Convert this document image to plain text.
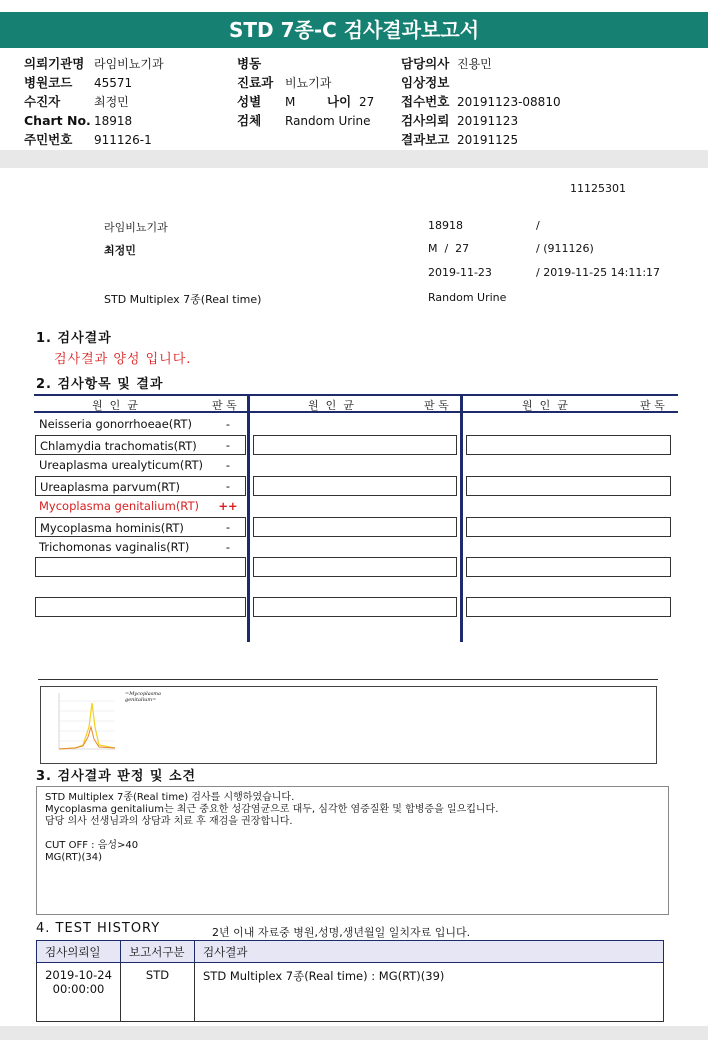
STD 7종-C 검사결과보고서
의뢰기관명 라임비뇨기과
병원코드 45571
수진자	최정민
Chart No. 18918
주민번호 911126-1
병동
진료과 비뇨기과
성별 M	나이 27
검체 Random Urine
담당의사 진용민
임상정보
접수번호 20191123-08810
검사의뢰 20191123
결과보고 20191125
11125301
라임비뇨기과
최정민
STD Multiplex 7종(Real time)
18918	/
M  /  27	/ (911126)
2019-11-23	/ 2019-11-25 14:11:17
Random Urine
1. 검사결과
검사결과 양성 입니다.
2. 검사항목 및 결과
원  인  균	판 독	원  인  균	판 독	원  인  균	판 독
Neisseria gonorrhoeae(RT)	-
Chlamydia trachomatis(RT)	-
Ureaplasma urealyticum(RT)	-
Ureaplasma parvum(RT)	-
Mycoplasma genitalium(RT) ++
Mycoplasma hominis(RT)	-
Trichomonas vaginalis(RT)	-
=Mycoplasma genitalium=
3. 검사결과 판정 및 소견
STD Multiplex 7종(Real time) 검사를 시행하였습니다.
Mycoplasma genitalium는 최근 중요한 성감염균으로 대두, 심각한 염증질환 및 합병증을 일으킵니다.
담당 의사 선생님과의 상담과 치료 후 재검을 권장합니다.
CUT OFF : 음성>40
MG(RT)(34)
4. TEST HISTORY	2년 이내 자료중 병원,성명,생년월일 일치자료 입니다.
검사의뢰일	보고서구분	검사결과

2019-10-24
00:00:00	STD	STD Multiplex 7종(Real time) : MG(RT)(39)
